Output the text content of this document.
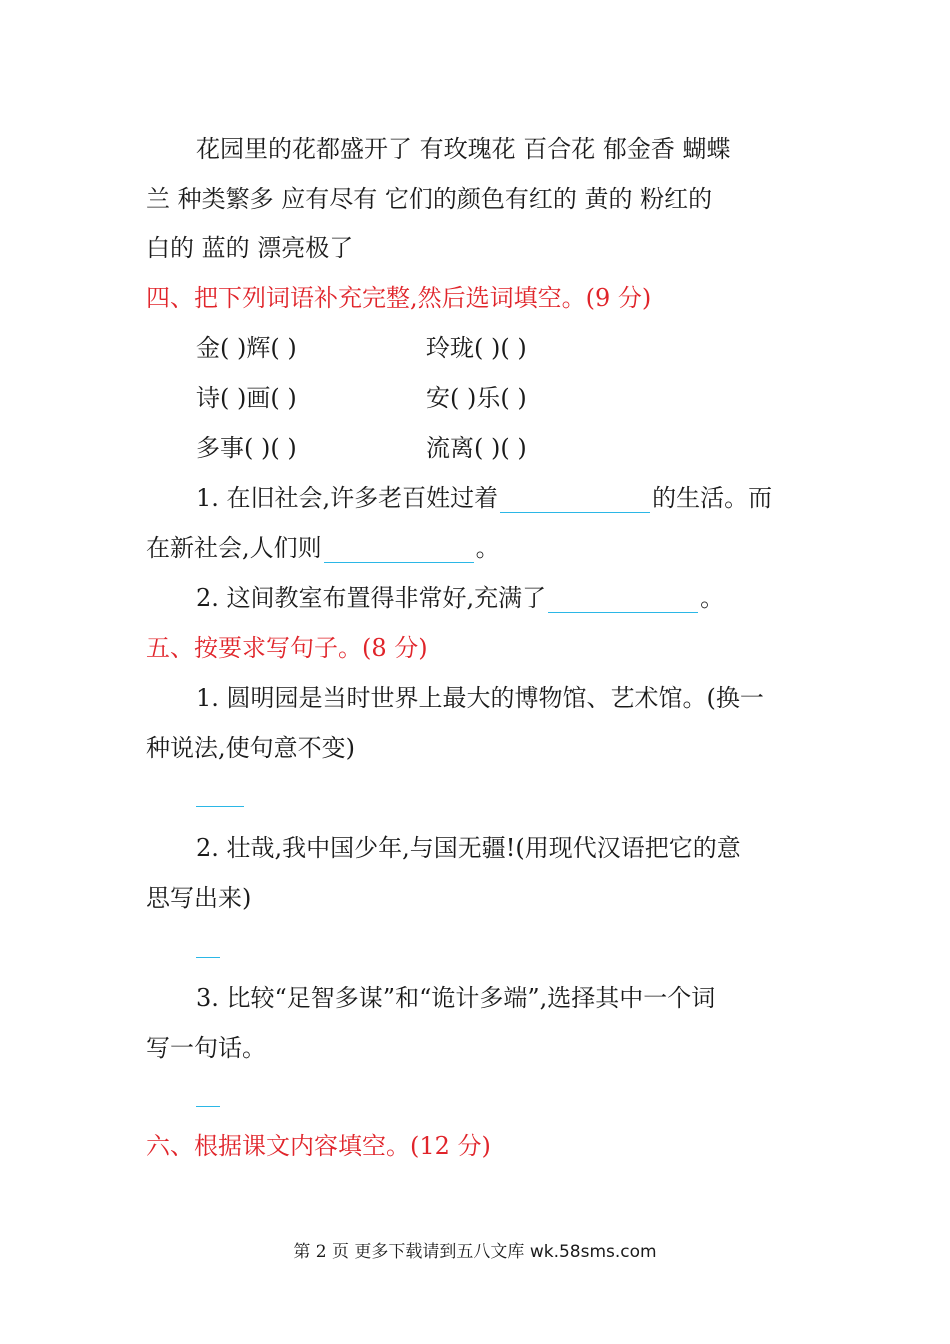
花园里的花都盛开了 有玫瑰花 百合花 郁金香 蝴蝶
兰 种类繁多 应有尽有 它们的颜色有红的 黄的 粉红的
白的 蓝的 漂亮极了
四、把下列词语补充完整,然后选词填空。(9 分)
金( )辉( )	玲珑( )( )
诗( )画( )	安( )乐( )
多事( )( )	流离( )( )
1. 在旧社会,许多老百姓过着	的生活。而
在新社会,人们则	。
2. 这间教室布置得非常好,充满了	。
五、按要求写句子。(8 分)
1. 圆明园是当时世界上最大的博物馆、艺术馆。(换一
种说法,使句意不变)
2. 壮哉,我中国少年,与国无疆!(用现代汉语把它的意
思写出来)
3. 比较“足智多谋”和“诡计多端”,选择其中一个词
写一句话。
六、根据课文内容填空。(12 分)
第 2 页 更多下载请到五八文库 wk.58sms.com
